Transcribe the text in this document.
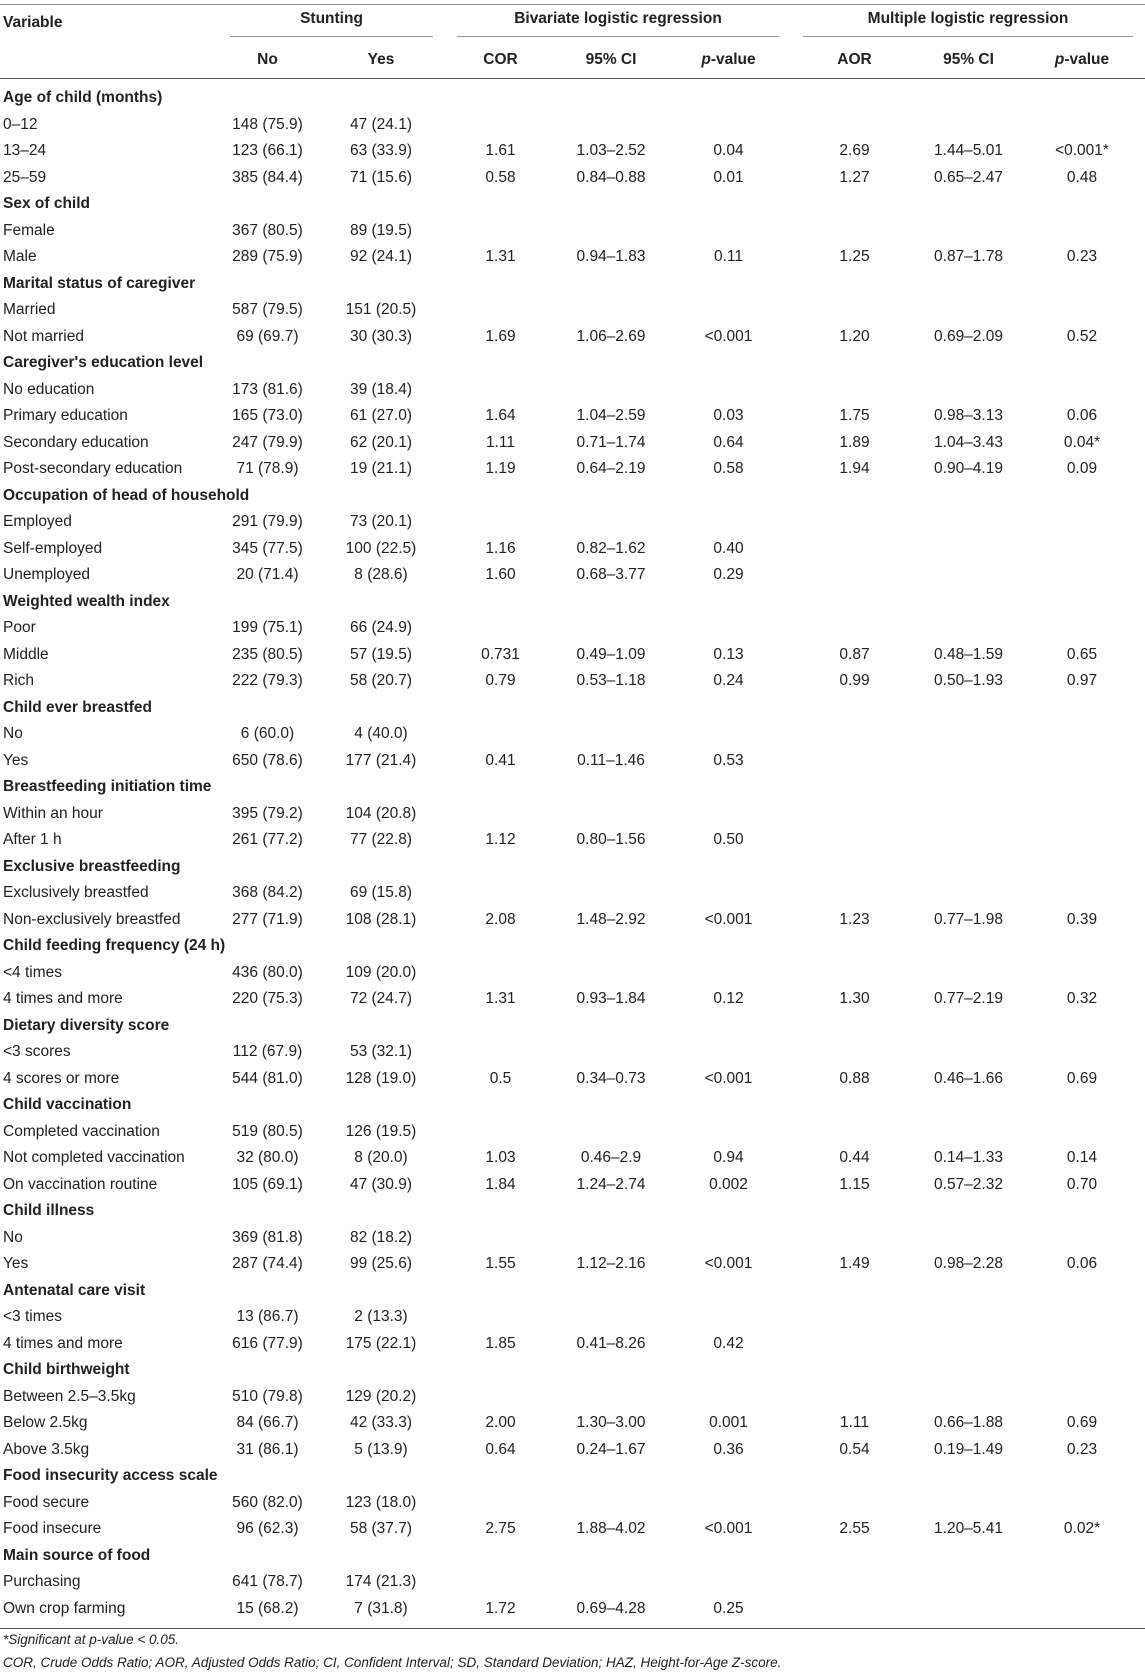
Variable	Stunting		Bivariate logistic regression			Multiple logistic regression		

	No	Yes	COR	95% CI	p-value	AOR	95% CI	p-value
Age of child (months)								
0–12	148 (75.9)	47 (24.1)						
13–24	123 (66.1)	63 (33.9)	1.61	1.03–2.52	0.04	2.69	1.44–5.01	<0.001*
25–59	385 (84.4)	71 (15.6)	0.58	0.84–0.88	0.01	1.27	0.65–2.47	0.48
Sex of child								
Female	367 (80.5)	89 (19.5)						
Male	289 (75.9)	92 (24.1)	1.31	0.94–1.83	0.11	1.25	0.87–1.78	0.23
Marital status of caregiver								
Married	587 (79.5)	151 (20.5)						
Not married	69 (69.7)	30 (30.3)	1.69	1.06–2.69	<0.001	1.20	0.69–2.09	0.52
Caregiver's education level								
No education	173 (81.6)	39 (18.4)						
Primary education	165 (73.0)	61 (27.0)	1.64	1.04–2.59	0.03	1.75	0.98–3.13	0.06
Secondary education	247 (79.9)	62 (20.1)	1.11	0.71–1.74	0.64	1.89	1.04–3.43	0.04*
Post-secondary education	71 (78.9)	19 (21.1)	1.19	0.64–2.19	0.58	1.94	0.90–4.19	0.09
Occupation of head of household								
Employed	291 (79.9)	73 (20.1)						
Self-employed	345 (77.5)	100 (22.5)	1.16	0.82–1.62	0.40			
Unemployed	20 (71.4)	8 (28.6)	1.60	0.68–3.77	0.29			
Weighted wealth index								
Poor	199 (75.1)	66 (24.9)						
Middle	235 (80.5)	57 (19.5)	0.731	0.49–1.09	0.13	0.87	0.48–1.59	0.65
Rich	222 (79.3)	58 (20.7)	0.79	0.53–1.18	0.24	0.99	0.50–1.93	0.97
Child ever breastfed								
No	6 (60.0)	4 (40.0)						
Yes	650 (78.6)	177 (21.4)	0.41	0.11–1.46	0.53			
Breastfeeding initiation time								
Within an hour	395 (79.2)	104 (20.8)						
After 1 h	261 (77.2)	77 (22.8)	1.12	0.80–1.56	0.50			
Exclusive breastfeeding								
Exclusively breastfed	368 (84.2)	69 (15.8)						
Non-exclusively breastfed	277 (71.9)	108 (28.1)	2.08	1.48–2.92	<0.001	1.23	0.77–1.98	0.39
Child feeding frequency (24 h)								
<4 times	436 (80.0)	109 (20.0)						
4 times and more	220 (75.3)	72 (24.7)	1.31	0.93–1.84	0.12	1.30	0.77–2.19	0.32
Dietary diversity score								
<3 scores	112 (67.9)	53 (32.1)						
4 scores or more	544 (81.0)	128 (19.0)	0.5	0.34–0.73	<0.001	0.88	0.46–1.66	0.69
Child vaccination								
Completed vaccination	519 (80.5)	126 (19.5)						
Not completed vaccination	32 (80.0)	8 (20.0)	1.03	0.46–2.9	0.94	0.44	0.14–1.33	0.14
On vaccination routine	105 (69.1)	47 (30.9)	1.84	1.24–2.74	0.002	1.15	0.57–2.32	0.70
Child illness								
No	369 (81.8)	82 (18.2)						
Yes	287 (74.4)	99 (25.6)	1.55	1.12–2.16	<0.001	1.49	0.98–2.28	0.06
Antenatal care visit								
<3 times	13 (86.7)	2 (13.3)						
4 times and more	616 (77.9)	175 (22.1)	1.85	0.41–8.26	0.42			
Child birthweight								
Between 2.5–3.5kg	510 (79.8)	129 (20.2)						
Below 2.5kg	84 (66.7)	42 (33.3)	2.00	1.30–3.00	0.001	1.11	0.66–1.88	0.69
Above 3.5kg	31 (86.1)	5 (13.9)	0.64	0.24–1.67	0.36	0.54	0.19–1.49	0.23
Food insecurity access scale								
Food secure	560 (82.0)	123 (18.0)						
Food insecure	96 (62.3)	58 (37.7)	2.75	1.88–4.02	<0.001	2.55	1.20–5.41	0.02*
Main source of food								
Purchasing	641 (78.7)	174 (21.3)						
Own crop farming	15 (68.2)	7 (31.8)	1.72	0.69–4.28	0.25			
*Significant at p-value < 0.05.
COR, Crude Odds Ratio; AOR, Adjusted Odds Ratio; CI, Confident Interval; SD, Standard Deviation; HAZ, Height-for-Age Z-score.
